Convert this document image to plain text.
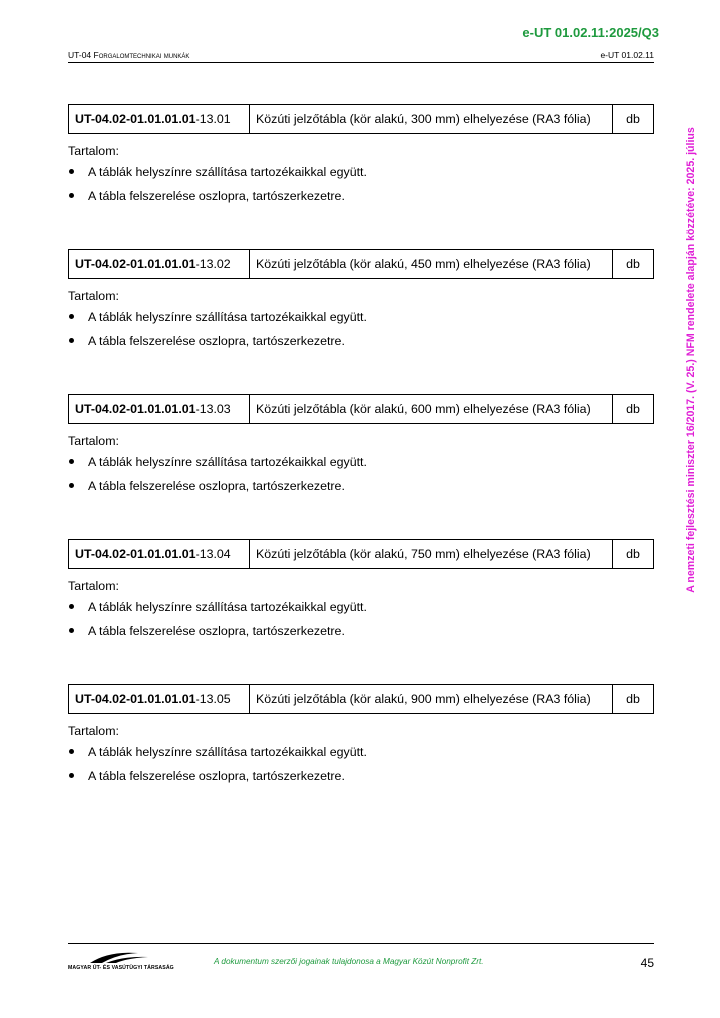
e-UT 01.02.11:2025/Q3
UT-04 Forgalomtechnikai munkák	e-UT 01.02.11
A nemzeti fejlesztési miniszter 16/2017. (V. 25.) NFM rendelete alapján közzétéve: 2025. július
UT-04.02-01.01.01.01 -13.01	Közúti jelzőtábla (kör alakú, 300 mm) elhelyezése (RA3 fólia)	db
Tartalom:
A táblák helyszínre szállítása tartozékaikkal együtt.
A tábla felszerelése oszlopra, tartószerkezetre.
UT-04.02-01.01.01.01 -13.02	Közúti jelzőtábla (kör alakú, 450 mm) elhelyezése (RA3 fólia)	db
Tartalom:
A táblák helyszínre szállítása tartozékaikkal együtt.
A tábla felszerelése oszlopra, tartószerkezetre.
UT-04.02-01.01.01.01 -13.03	Közúti jelzőtábla (kör alakú, 600 mm) elhelyezése (RA3 fólia)	db
Tartalom:
A táblák helyszínre szállítása tartozékaikkal együtt.
A tábla felszerelése oszlopra, tartószerkezetre.
UT-04.02-01.01.01.01 -13.04	Közúti jelzőtábla (kör alakú, 750 mm) elhelyezése (RA3 fólia)	db
Tartalom:
A táblák helyszínre szállítása tartozékaikkal együtt.
A tábla felszerelése oszlopra, tartószerkezetre.
UT-04.02-01.01.01.01 -13.05	Közúti jelzőtábla (kör alakú, 900 mm) elhelyezése (RA3 fólia)	db
Tartalom:
A táblák helyszínre szállítása tartozékaikkal együtt.
A tábla felszerelése oszlopra, tartószerkezetre.
MAGYAR ÚT- ÉS VASÚTÜGYI TÁRSASÁG
A dokumentum szerzői jogainak tulajdonosa a Magyar Közút Nonprofit Zrt.	45
